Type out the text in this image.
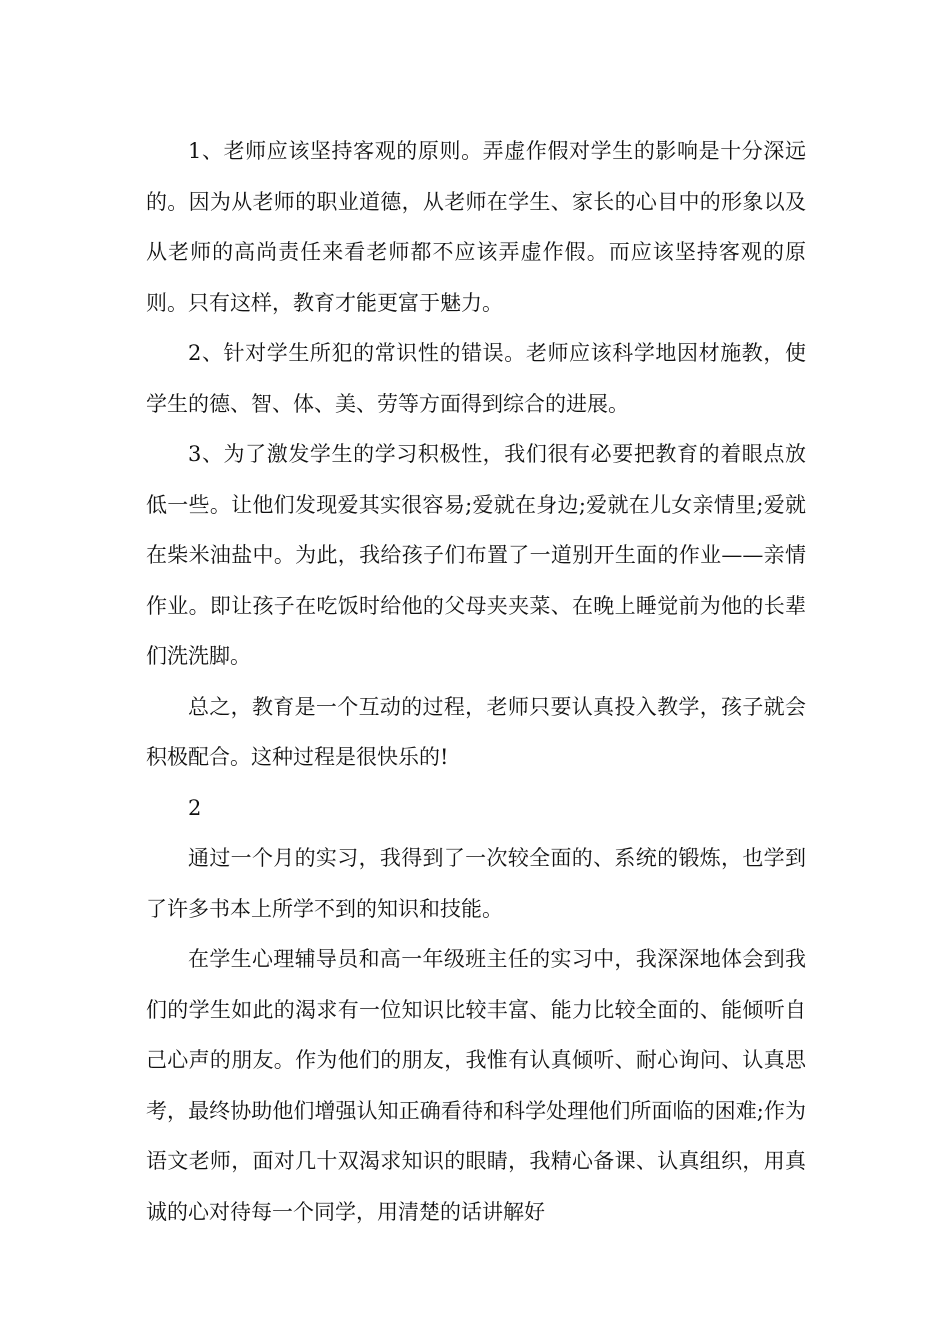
1、老师应该坚持客观的原则。弄虚作假对学生的影响是十分深远的。因为从老师的职业道德，从老师在学生、家长的心目中的形象以及从老师的高尚责任来看老师都不应该弄虚作假。而应该坚持客观的原则。只有这样，教育才能更富于魅力。

2、针对学生所犯的常识性的错误。老师应该科学地因材施教，使学生的德、智、体、美、劳等方面得到综合的进展。

3、为了激发学生的学习积极性，我们很有必要把教育的着眼点放低一些。让他们发现爱其实很容易;爱就在身边;爱就在儿女亲情里;爱就在柴米油盐中。为此，我给孩子们布置了一道别开生面的作业——亲情作业。即让孩子在吃饭时给他的父母夹夹菜、在晚上睡觉前为他的长辈们洗洗脚。

总之，教育是一个互动的过程，老师只要认真投入教学，孩子就会积极配合。这种过程是很快乐的!

2

通过一个月的实习，我得到了一次较全面的、系统的锻炼，也学到了许多书本上所学不到的知识和技能。

在学生心理辅导员和高一年级班主任的实习中，我深深地体会到我们的学生如此的渴求有一位知识比较丰富、能力比较全面的、能倾听自己心声的朋友。作为他们的朋友，我惟有认真倾听、耐心询问、认真思考，最终协助他们增强认知正确看待和科学处理他们所面临的困难;作为语文老师，面对几十双渴求知识的眼睛，我精心备课、认真组织，用真诚的心对待每一个同学，用清楚的话讲解好
